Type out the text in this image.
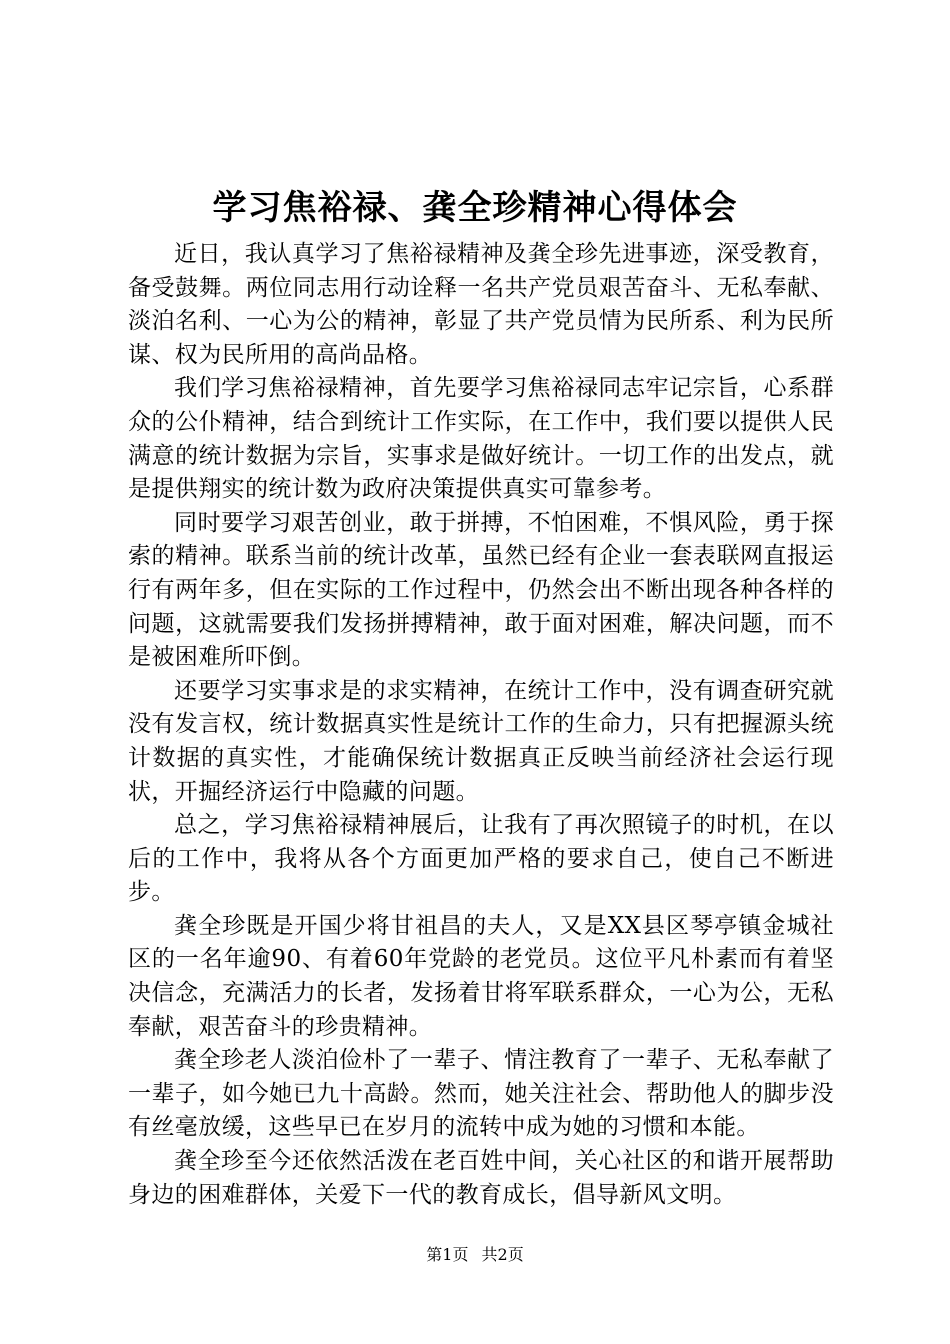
学习焦裕禄、龚全珍精神心得体会

近日，我认真学习了焦裕禄精神及龚全珍先进事迹，深受教育，备受鼓舞。两位同志用行动诠释一名共产党员艰苦奋斗、无私奉献、淡泊名利、一心为公的精神，彰显了共产党员情为民所系、利为民所谋、权为民所用的高尚品格。

我们学习焦裕禄精神，首先要学习焦裕禄同志牢记宗旨，心系群众的公仆精神，结合到统计工作实际，在工作中，我们要以提供人民满意的统计数据为宗旨，实事求是做好统计。一切工作的出发点，就是提供翔实的统计数为政府决策提供真实可靠参考。

同时要学习艰苦创业，敢于拼搏，不怕困难，不惧风险，勇于探索的精神。联系当前的统计改革，虽然已经有企业一套表联网直报运行有两年多，但在实际的工作过程中，仍然会出不断出现各种各样的问题，这就需要我们发扬拼搏精神，敢于面对困难，解决问题，而不是被困难所吓倒。

还要学习实事求是的求实精神，在统计工作中，没有调查研究就没有发言权，统计数据真实性是统计工作的生命力，只有把握源头统计数据的真实性，才能确保统计数据真正反映当前经济社会运行现状，开掘经济运行中隐藏的问题。

总之，学习焦裕禄精神展后，让我有了再次照镜子的时机，在以后的工作中，我将从各个方面更加严格的要求自己，使自己不断进步。

龚全珍既是开国少将甘祖昌的夫人，又是XX县区琴亭镇金城社区的一名年逾90、有着60年党龄的老党员。这位平凡朴素而有着坚决信念，充满活力的长者，发扬着甘将军联系群众，一心为公，无私奉献，艰苦奋斗的珍贵精神。

龚全珍老人淡泊俭朴了一辈子、情注教育了一辈子、无私奉献了一辈子，如今她已九十高龄。然而，她关注社会、帮助他人的脚步没有丝毫放缓，这些早已在岁月的流转中成为她的习惯和本能。

龚全珍至今还依然活泼在老百姓中间，关心社区的和谐开展帮助身边的困难群体，关爱下一代的教育成长，倡导新风文明。

第1页 共2页
